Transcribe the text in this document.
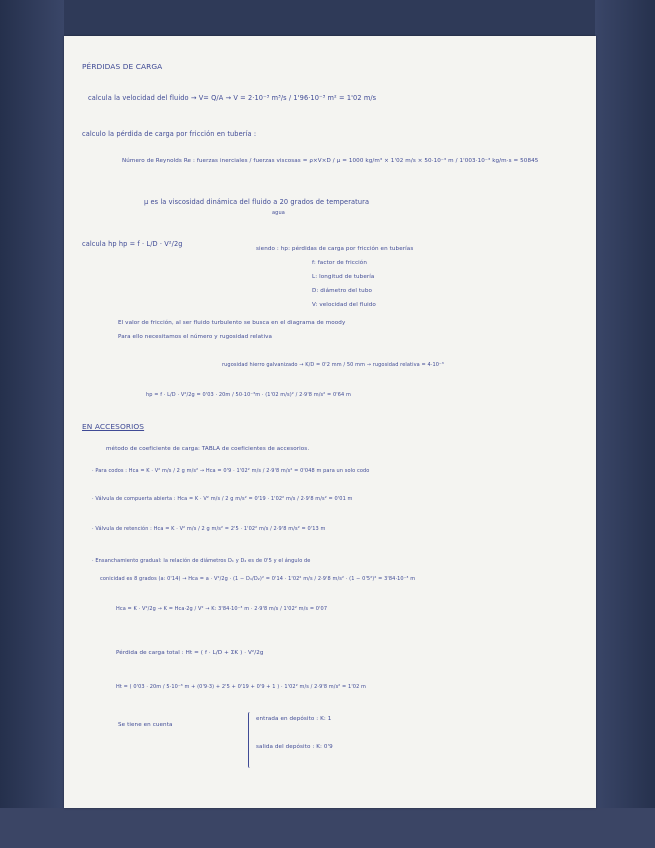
PÉRDIDAS DE CARGA
calcula la velocidad del fluido → V= Q/A → V = 2·10⁻³ m³/s / 1'96·10⁻³ m² = 1'02 m/s
calculo la pérdida de carga por fricción en tubería :
Número de Reynolds Re : fuerzas inerciales / fuerzas viscosas = ρ×V×D / μ = 1000 kg/m³ × 1'02 m/s × 50·10⁻³ m / 1'003·10⁻³ kg/m·s = 50845
μ es la viscosidad dinámica del fluido a 20 grados de temperatura
agua
calcula hp hp = f · L/D · V²/2g
siendo : hp: pérdidas de carga por fricción en tuberías
f: factor de fricción
L: longitud de tubería
D: diámetro del tubo
V: velocidad del fluido
El valor de fricción, al ser fluido turbulento se busca en el diagrama de moody
Para ello necesitamos el número y rugosidad relativa
rugosidad hierro galvanizado → K/D = 0'2 mm / 50 mm → rugosidad relativa = 4·10⁻³
hp = f · L/D · V²/2g = 0'03 · 20m / 50·10⁻³m · (1'02 m/s)² / 2·9'8 m/s² = 0'64 m
EN ACCESORIOS
método de coeficiente de carga: TABLA de coeficientes de accesorios.
· Para codos : Hca = K · V² m/s / 2 g m/s² → Hca = 0'9 · 1'02² m/s / 2·9'8 m/s² = 0'048 m para un solo codo
· Válvula de compuerta abierta : Hca = K · V² m/s / 2 g m/s² = 0'19 · 1'02² m/s / 2·9'8 m/s² = 0'01 m
· Válvula de retención : Hca = K · V² m/s / 2 g m/s² = 2'5 · 1'02² m/s / 2·9'8 m/s² = 0'13 m
· Ensanchamiento gradual: la relación de diámetros D₁ y D₂ es de 0'5 y el ángulo de
conicidad es 8 grados (a: 0'14) → Hca = a · V²/2g · (1 − D₁/D₂)² = 0'14 · 1'02² m/s / 2·9'8 m/s² · (1 − 0'5²)² = 3'84·10⁻³ m
Hca = K · V²/2g → K = Hca·2g / V² → K: 3'84·10⁻³ m · 2·9'8 m/s / 1'02² m/s = 0'07
Pérdida de carga total : Ht = ( f · L/D + ΣK ) · V²/2g
Ht = ( 0'03 · 20m / 5·10⁻³ m + (0'9·3) + 2'5 + 0'19 + 0'9 + 1 ) · 1'02² m/s / 2·9'8 m/s² = 1'02 m
Se tiene en cuenta
entrada en depósito : K: 1
salida del depósito : K: 0'9
